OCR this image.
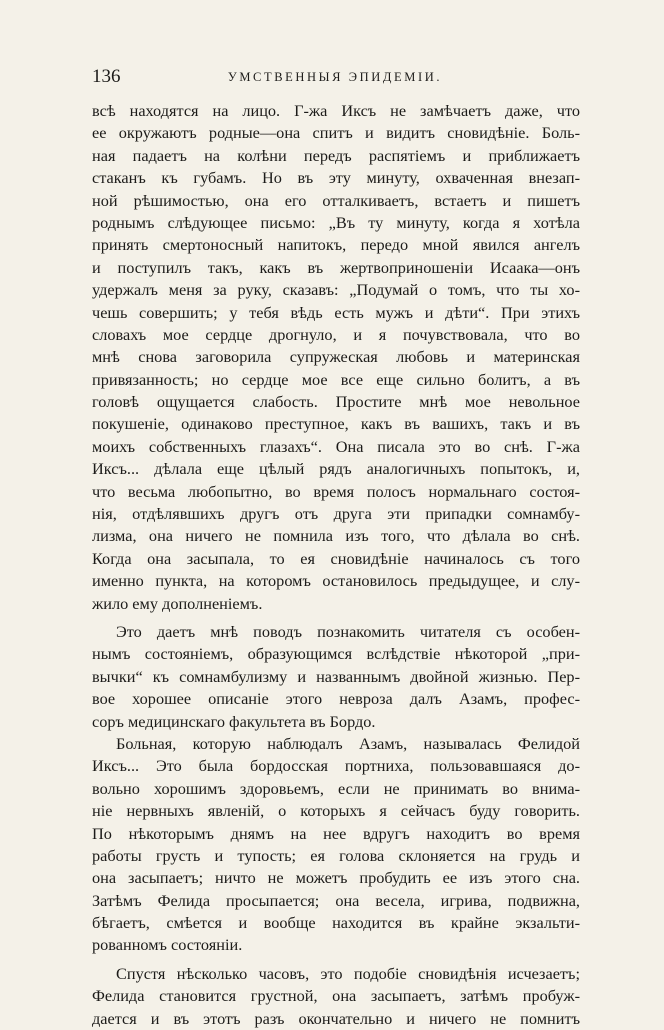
136	УМСТВЕННЫЯ ЭПИДЕМІИ.
всѣ находятся на лицо. Г-жа Иксъ не замѣчаетъ даже, что
ее окружаютъ родные—она спитъ и видитъ сновидѣніе. Боль-
ная падаетъ на колѣни передъ распятіемъ и приближаетъ
стаканъ къ губамъ. Но въ эту минуту, охваченная внезап-
ной рѣшимостью, она его отталкиваетъ, встаетъ и пишетъ
роднымъ слѣдующее письмо: „Въ ту минуту, когда я хотѣла
принять смертоносный напитокъ, передо мной явился ангелъ
и поступилъ такъ, какъ въ жертвоприношеніи Исаака—онъ
удержалъ меня за руку, сказавъ: „Подумай о томъ, что ты хо-
чешь совершить; у тебя вѣдь есть мужъ и дѣти“. При этихъ
словахъ мое сердце дрогнуло, и я почувствовала, что во
мнѣ снова заговорила супружеская любовь и материнская
привязанность; но сердце мое все еще сильно болитъ, а въ
головѣ ощущается слабость. Простите мнѣ мое невольное
покушеніе, одинаково преступное, какъ въ вашихъ, такъ и въ
моихъ собственныхъ глазахъ“. Она писала это во снѣ. Г-жа
Иксъ... дѣлала еще цѣлый рядъ аналогичныхъ попытокъ, и,
что весьма любопытно, во время полосъ нормальнаго состоя-
нія, отдѣлявшихъ другъ отъ друга эти припадки сомнамбу-
лизма, она ничего не помнила изъ того, что дѣлала во снѣ.
Когда она засыпала, то ея сновидѣніе начиналось съ того
именно пункта, на которомъ остановилось предыдущее, и слу-
жило ему дополненіемъ.
Это даетъ мнѣ поводъ познакомить читателя съ особен-
нымъ состояніемъ, образующимся вслѣдствіе нѣкоторой „при-
вычки“ къ сомнамбулизму и названнымъ двойной жизнью. Пер-
вое хорошее описаніе этого невроза далъ Азамъ, профес-
соръ медицинскаго факультета въ Бордо.
Больная, которую наблюдалъ Азамъ, называлась Фелидой
Иксъ... Это была бордосская портниха, пользовавшаяся до-
вольно хорошимъ здоровьемъ, если не принимать во внима-
ніе нервныхъ явленій, о которыхъ я сейчасъ буду говорить.
По нѣкоторымъ днямъ на нее вдругъ находитъ во время
работы грусть и тупость; ея голова склоняется на грудь и
она засыпаетъ; ничто не можетъ пробудить ее изъ этого сна.
Затѣмъ Фелида просыпается; она весела, игрива, подвижна,
бѣгаетъ, смѣется и вообще находится въ крайне экзальти-
рованномъ состояніи.
Спустя нѣсколько часовъ, это подобіе сновидѣнія исчезаетъ;
Фелида становится грустной, она засыпаетъ, затѣмъ пробуж-
дается и въ этотъ разъ окончательно и ничего не помнитъ
